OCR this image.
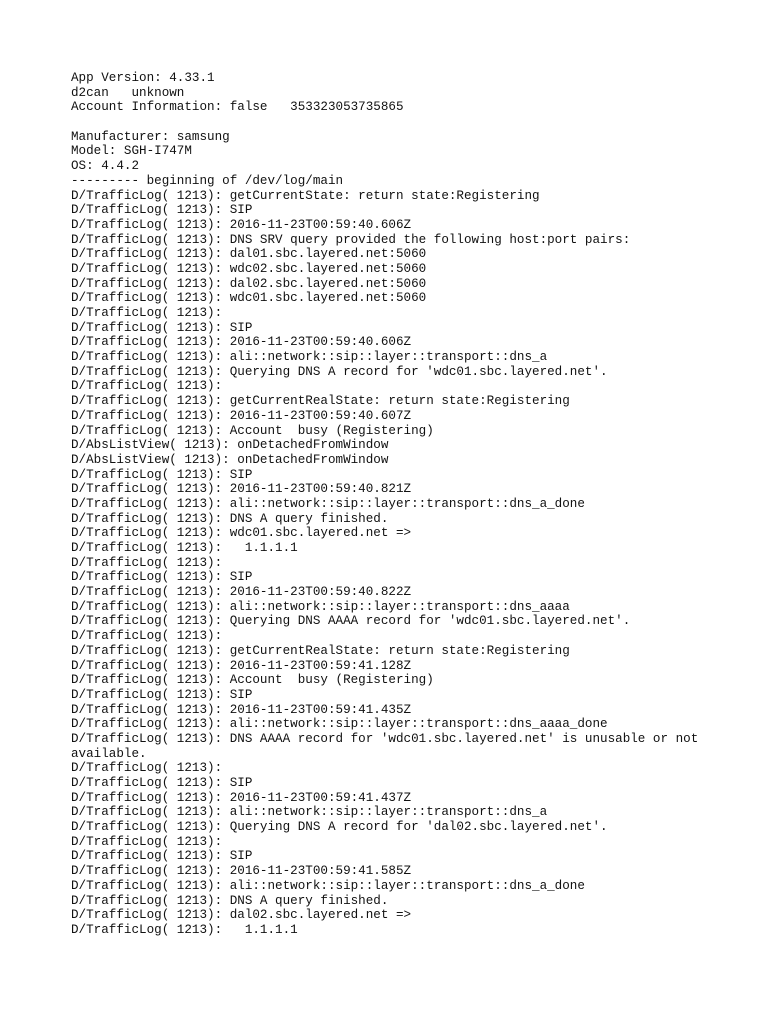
App Version: 4.33.1
d2can   unknown
Account Information: false   353323053735865
Manufacturer: samsung
Model: SGH-I747M
OS: 4.4.2
--------- beginning of /dev/log/main
D/TrafficLog( 1213): getCurrentState: return state:Registering
D/TrafficLog( 1213): SIP
D/TrafficLog( 1213): 2016-11-23T00:59:40.606Z
D/TrafficLog( 1213): DNS SRV query provided the following host:port pairs:
D/TrafficLog( 1213): dal01.sbc.layered.net:5060
D/TrafficLog( 1213): wdc02.sbc.layered.net:5060
D/TrafficLog( 1213): dal02.sbc.layered.net:5060
D/TrafficLog( 1213): wdc01.sbc.layered.net:5060
D/TrafficLog( 1213):
D/TrafficLog( 1213): SIP
D/TrafficLog( 1213): 2016-11-23T00:59:40.606Z
D/TrafficLog( 1213): ali::network::sip::layer::transport::dns_a
D/TrafficLog( 1213): Querying DNS A record for 'wdc01.sbc.layered.net'.
D/TrafficLog( 1213):
D/TrafficLog( 1213): getCurrentRealState: return state:Registering
D/TrafficLog( 1213): 2016-11-23T00:59:40.607Z
D/TrafficLog( 1213): Account  busy (Registering)
D/AbsListView( 1213): onDetachedFromWindow
D/AbsListView( 1213): onDetachedFromWindow
D/TrafficLog( 1213): SIP
D/TrafficLog( 1213): 2016-11-23T00:59:40.821Z
D/TrafficLog( 1213): ali::network::sip::layer::transport::dns_a_done
D/TrafficLog( 1213): DNS A query finished.
D/TrafficLog( 1213): wdc01.sbc.layered.net =>
D/TrafficLog( 1213):   1.1.1.1
D/TrafficLog( 1213):
D/TrafficLog( 1213): SIP
D/TrafficLog( 1213): 2016-11-23T00:59:40.822Z
D/TrafficLog( 1213): ali::network::sip::layer::transport::dns_aaaa
D/TrafficLog( 1213): Querying DNS AAAA record for 'wdc01.sbc.layered.net'.
D/TrafficLog( 1213):
D/TrafficLog( 1213): getCurrentRealState: return state:Registering
D/TrafficLog( 1213): 2016-11-23T00:59:41.128Z
D/TrafficLog( 1213): Account  busy (Registering)
D/TrafficLog( 1213): SIP
D/TrafficLog( 1213): 2016-11-23T00:59:41.435Z
D/TrafficLog( 1213): ali::network::sip::layer::transport::dns_aaaa_done
D/TrafficLog( 1213): DNS AAAA record for 'wdc01.sbc.layered.net' is unusable or not
available.
D/TrafficLog( 1213):
D/TrafficLog( 1213): SIP
D/TrafficLog( 1213): 2016-11-23T00:59:41.437Z
D/TrafficLog( 1213): ali::network::sip::layer::transport::dns_a
D/TrafficLog( 1213): Querying DNS A record for 'dal02.sbc.layered.net'.
D/TrafficLog( 1213):
D/TrafficLog( 1213): SIP
D/TrafficLog( 1213): 2016-11-23T00:59:41.585Z
D/TrafficLog( 1213): ali::network::sip::layer::transport::dns_a_done
D/TrafficLog( 1213): DNS A query finished.
D/TrafficLog( 1213): dal02.sbc.layered.net =>
D/TrafficLog( 1213):   1.1.1.1
